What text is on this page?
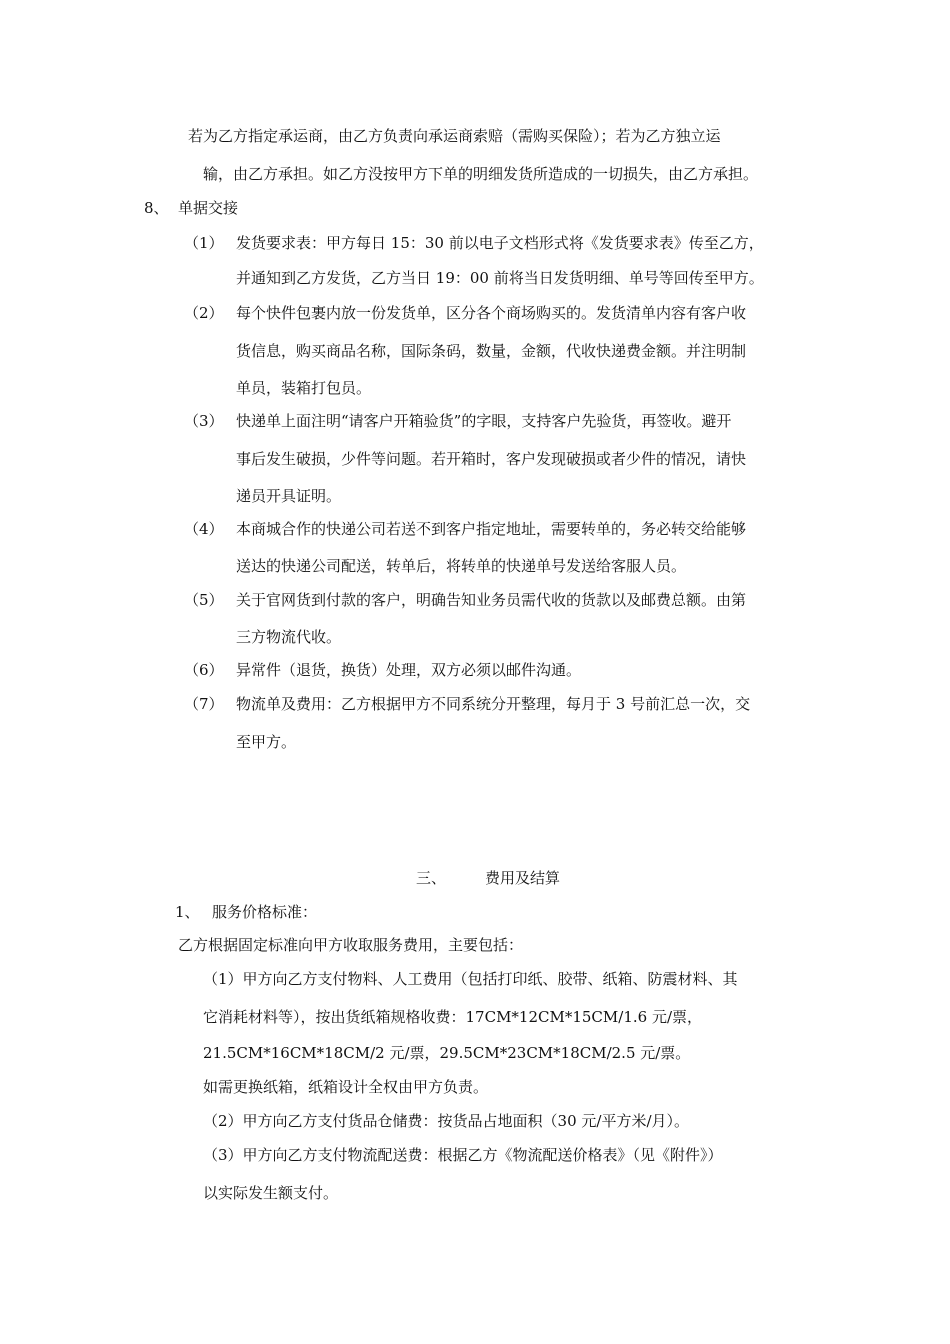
若为乙方指定承运商，由乙方负责向承运商索赔（需购买保险）；若为乙方独立运
输，由乙方承担。如乙方没按甲方下单的明细发货所造成的一切损失，由乙方承担。
8、 单据交接
（1） 发货要求表：甲方每日 15：30 前以电子文档形式将《发货要求表》传至乙方，
并通知到乙方发货，乙方当日 19：00 前将当日发货明细、单号等回传至甲方。
（2） 每个快件包裹内放一份发货单，区分各个商场购买的。发货清单内容有客户收
货信息，购买商品名称，国际条码，数量，金额，代收快递费金额。并注明制
单员，装箱打包员。
（3） 快递单上面注明“请客户开箱验货”的字眼，支持客户先验货，再签收。避开
事后发生破损，少件等问题。若开箱时，客户发现破损或者少件的情况，请快
递员开具证明。
（4） 本商城合作的快递公司若送不到客户指定地址，需要转单的，务必转交给能够
送达的快递公司配送，转单后，将转单的快递单号发送给客服人员。
（5） 关于官网货到付款的客户，明确告知业务员需代收的货款以及邮费总额。由第
三方物流代收。
（6） 异常件（退货，换货）处理，双方必须以邮件沟通。
（7） 物流单及费用：乙方根据甲方不同系统分开整理，每月于 3 号前汇总一次，交
至甲方。
三、	费用及结算
1、 服务价格标准：
乙方根据固定标准向甲方收取服务费用，主要包括：
（1）甲方向乙方支付物料、人工费用（包括打印纸、胶带、纸箱、防震材料、其
它消耗材料等），按出货纸箱规格收费：17CM*12CM*15CM/1.6 元/票，
21.5CM*16CM*18CM/2 元/票，29.5CM*23CM*18CM/2.5 元/票。
如需更换纸箱，纸箱设计全权由甲方负责。
（2）甲方向乙方支付货品仓储费：按货品占地面积（30 元/平方米/月）。
（3）甲方向乙方支付物流配送费：根据乙方《物流配送价格表》（见《附件》）
以实际发生额支付。
